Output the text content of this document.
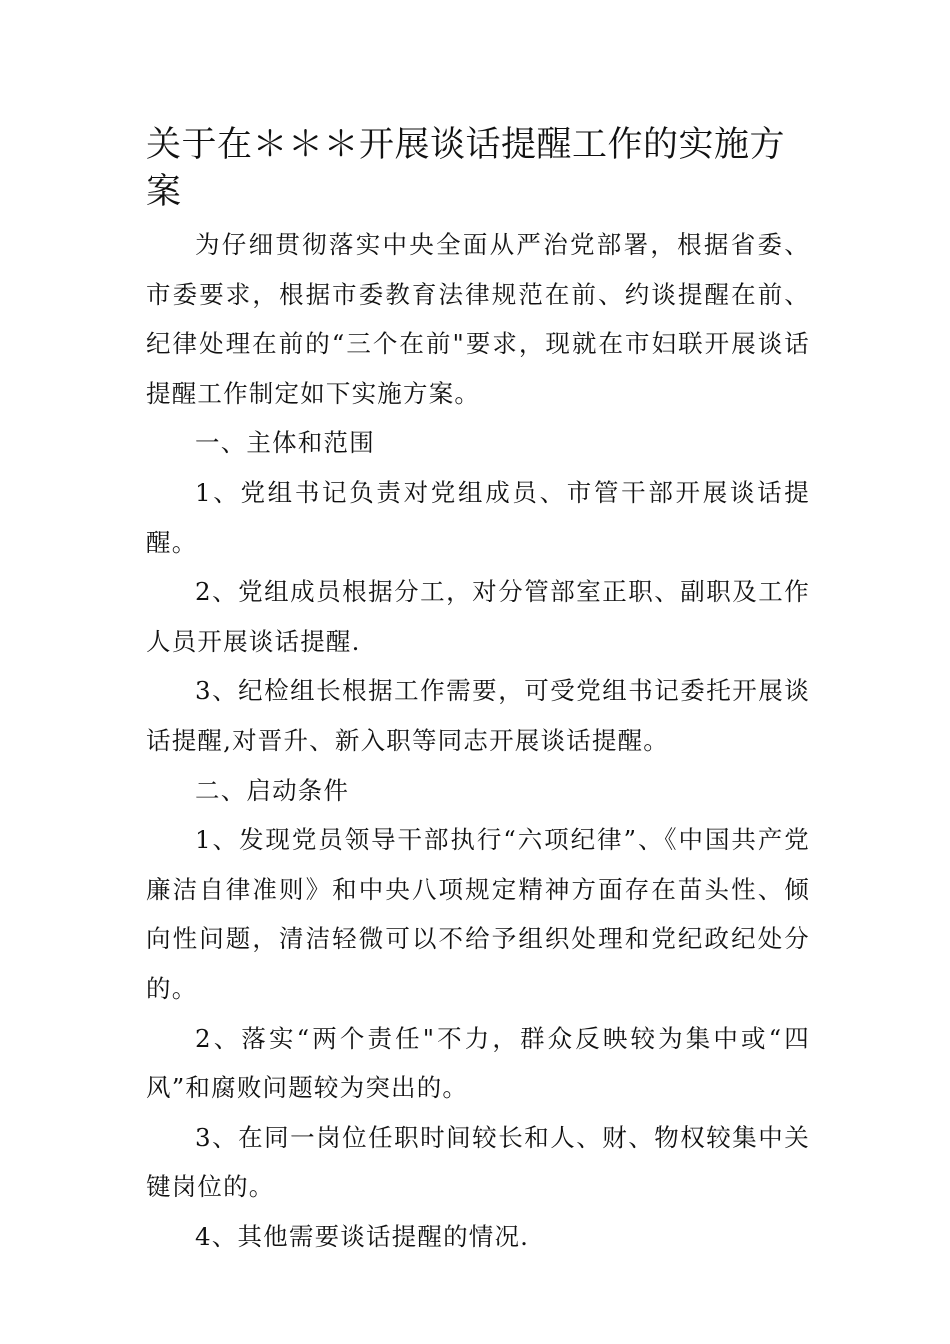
关于在＊＊＊开展谈话提醒工作的实施方案

为仔细贯彻落实中央全面从严治党部署，根据省委、市委要求，根据市委教育法律规范在前、约谈提醒在前、纪律处理在前的“三个在前"要求，现就在市妇联开展谈话提醒工作制定如下实施方案。

一、主体和范围

1、党组书记负责对党组成员、市管干部开展谈话提醒。

2、党组成员根据分工，对分管部室正职、副职及工作人员开展谈话提醒.

3、纪检组长根据工作需要，可受党组书记委托开展谈话提醒,对晋升、新入职等同志开展谈话提醒。

二、启动条件

1、发现党员领导干部执行“六项纪律”、《中国共产党廉洁自律准则》和中央八项规定精神方面存在苗头性、倾向性问题，清洁轻微可以不给予组织处理和党纪政纪处分的。

2、落实“两个责任"不力，群众反映较为集中或“四风”和腐败问题较为突出的。

3、在同一岗位任职时间较长和人、财、物权较集中关键岗位的。

4、其他需要谈话提醒的情况.
